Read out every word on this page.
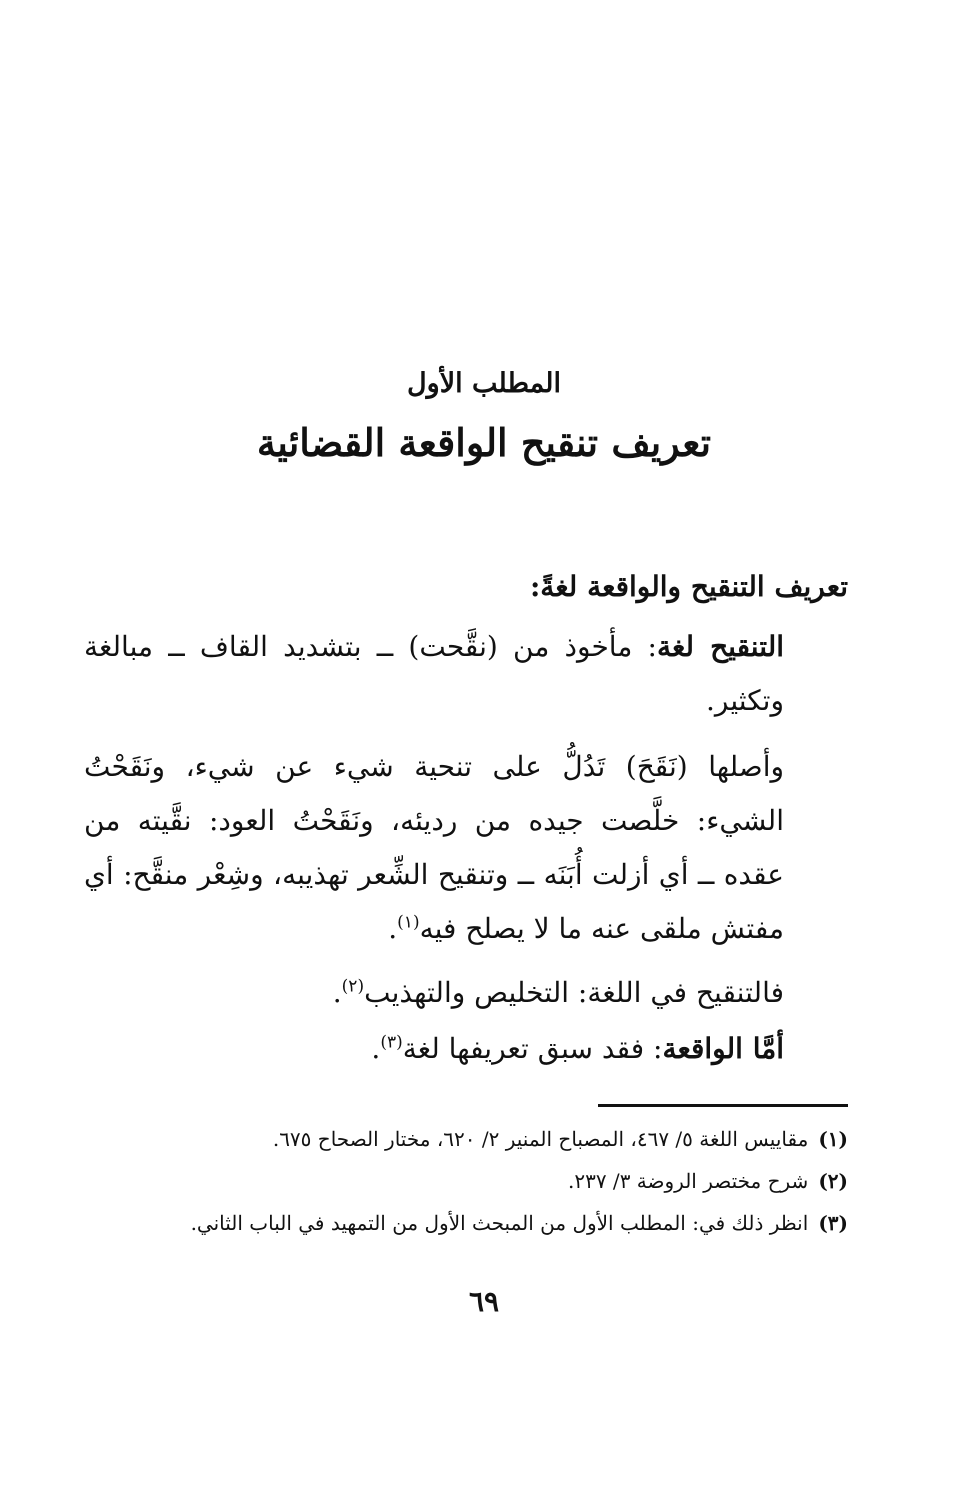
المطلب الأول
تعريف تنقيح الواقعة القضائية
تعريف التنقيح والواقعة لغةً:
التنقيح لغة: مأخوذ من (نقَّحت) ــ بتشديد القاف ــ مبالغة وتكثير.
وأصلها (نَقَحَ) تَدُلُّ على تنحية شيء عن شيء، ونَقَحْتُ الشيء: خلَّصت جيده من رديئه، ونَقَحْتُ العود: نقَّيته من عقده ــ أي أزلت أُبَنَه ــ وتنقيح الشِّعر تهذيبه، وشِعْر منقَّح: أي مفتش ملقى عنه ما لا يصلح فيه$^{(١)}$.
فالتنقيح في اللغة: التخليص والتهذيب$^{(٢)}$.
أمَّا الواقعة: فقد سبق تعريفها لغة$^{(٣)}$.
(١)مقاييس اللغة ٥/ ٤٦٧، المصباح المنير ٢/ ٦٢٠، مختار الصحاح ٦٧٥.
(٢)شرح مختصر الروضة ٣/ ٢٣٧.
(٣)انظر ذلك في: المطلب الأول من المبحث الأول من التمهيد في الباب الثاني.
٦٩
